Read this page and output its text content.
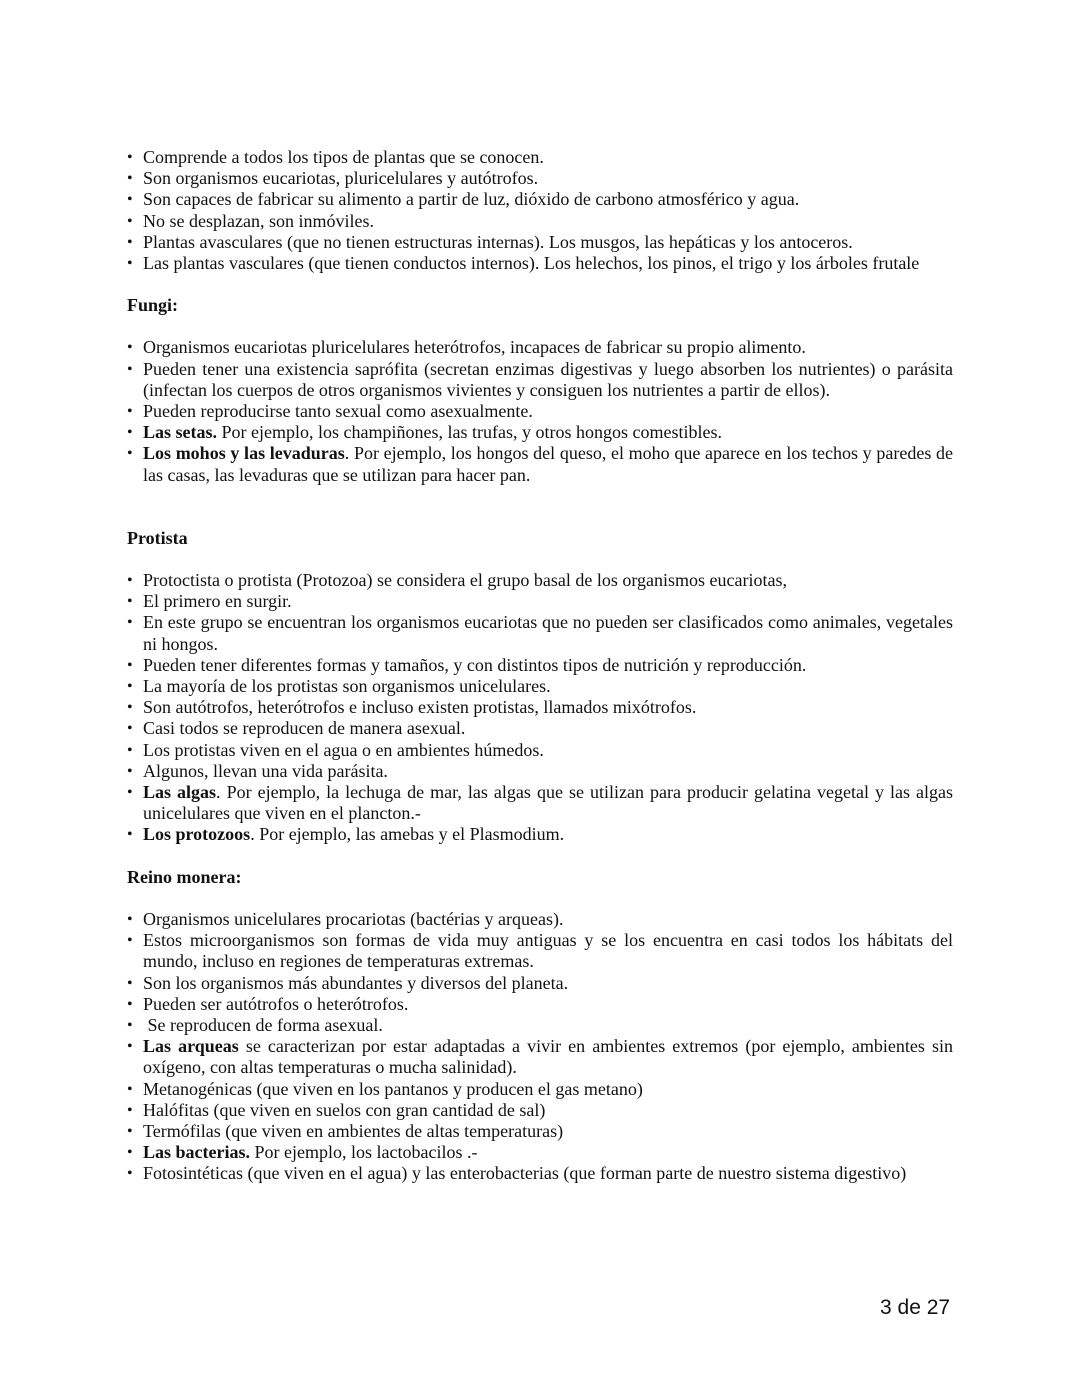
• Comprende a todos los tipos de plantas que se conocen.
• Son organismos eucariotas, pluricelulares y autótrofos.
• Son capaces de fabricar su alimento a partir de luz, dióxido de carbono atmosférico y agua.
• No se desplazan, son inmóviles.
• Plantas avasculares (que no tienen estructuras internas). Los musgos, las hepáticas y los antoceros.
• Las plantas vasculares (que tienen conductos internos). Los helechos, los pinos, el trigo y los árboles frutale

Fungi:

• Organismos eucariotas pluricelulares heterótrofos, incapaces de fabricar su propio alimento.
• Pueden tener una existencia saprófita (secretan enzimas digestivas y luego absorben los nutrientes) o parásita (infectan los cuerpos de otros organismos vivientes y consiguen los nutrientes a partir de ellos).
• Pueden reproducirse tanto sexual como asexualmente.
• Las setas. Por ejemplo, los champiñones, las trufas, y otros hongos comestibles.
• Los mohos y las levaduras. Por ejemplo, los hongos del queso, el moho que aparece en los techos y paredes de las casas, las levaduras que se utilizan para hacer pan.

Protista

• Protoctista o protista (Protozoa) se considera el grupo basal de los organismos eucariotas,
• El primero en surgir.
• En este grupo se encuentran los organismos eucariotas que no pueden ser clasificados como animales, vegetales ni hongos.
• Pueden tener diferentes formas y tamaños, y con distintos tipos de nutrición y reproducción.
• La mayoría de los protistas son organismos unicelulares.
• Son autótrofos, heterótrofos e incluso existen protistas, llamados mixótrofos.
• Casi todos se reproducen de manera asexual.
• Los protistas viven en el agua o en ambientes húmedos.
• Algunos, llevan una vida parásita.
• Las algas. Por ejemplo, la lechuga de mar, las algas que se utilizan para producir gelatina vegetal y las algas unicelulares que viven en el plancton.-
• Los protozoos. Por ejemplo, las amebas y el Plasmodium.

Reino monera:

• Organismos unicelulares procariotas (bactérias y arqueas).
• Estos microorganismos son formas de vida muy antiguas y se los encuentra en casi todos los hábitats del mundo, incluso en regiones de temperaturas extremas.
• Son los organismos más abundantes y diversos del planeta.
• Pueden ser autótrofos o heterótrofos.
•  Se reproducen de forma asexual.
• Las arqueas se caracterizan por estar adaptadas a vivir en ambientes extremos (por ejemplo, ambientes sin oxígeno, con altas temperaturas o mucha salinidad).
• Metanogénicas (que viven en los pantanos y producen el gas metano)
• Halófitas (que viven en suelos con gran cantidad de sal)
• Termófilas (que viven en ambientes de altas temperaturas)
• Las bacterias. Por ejemplo, los lactobacilos .-
• Fotosintéticas (que viven en el agua) y las enterobacterias (que forman parte de nuestro sistema digestivo)
3 de 27
